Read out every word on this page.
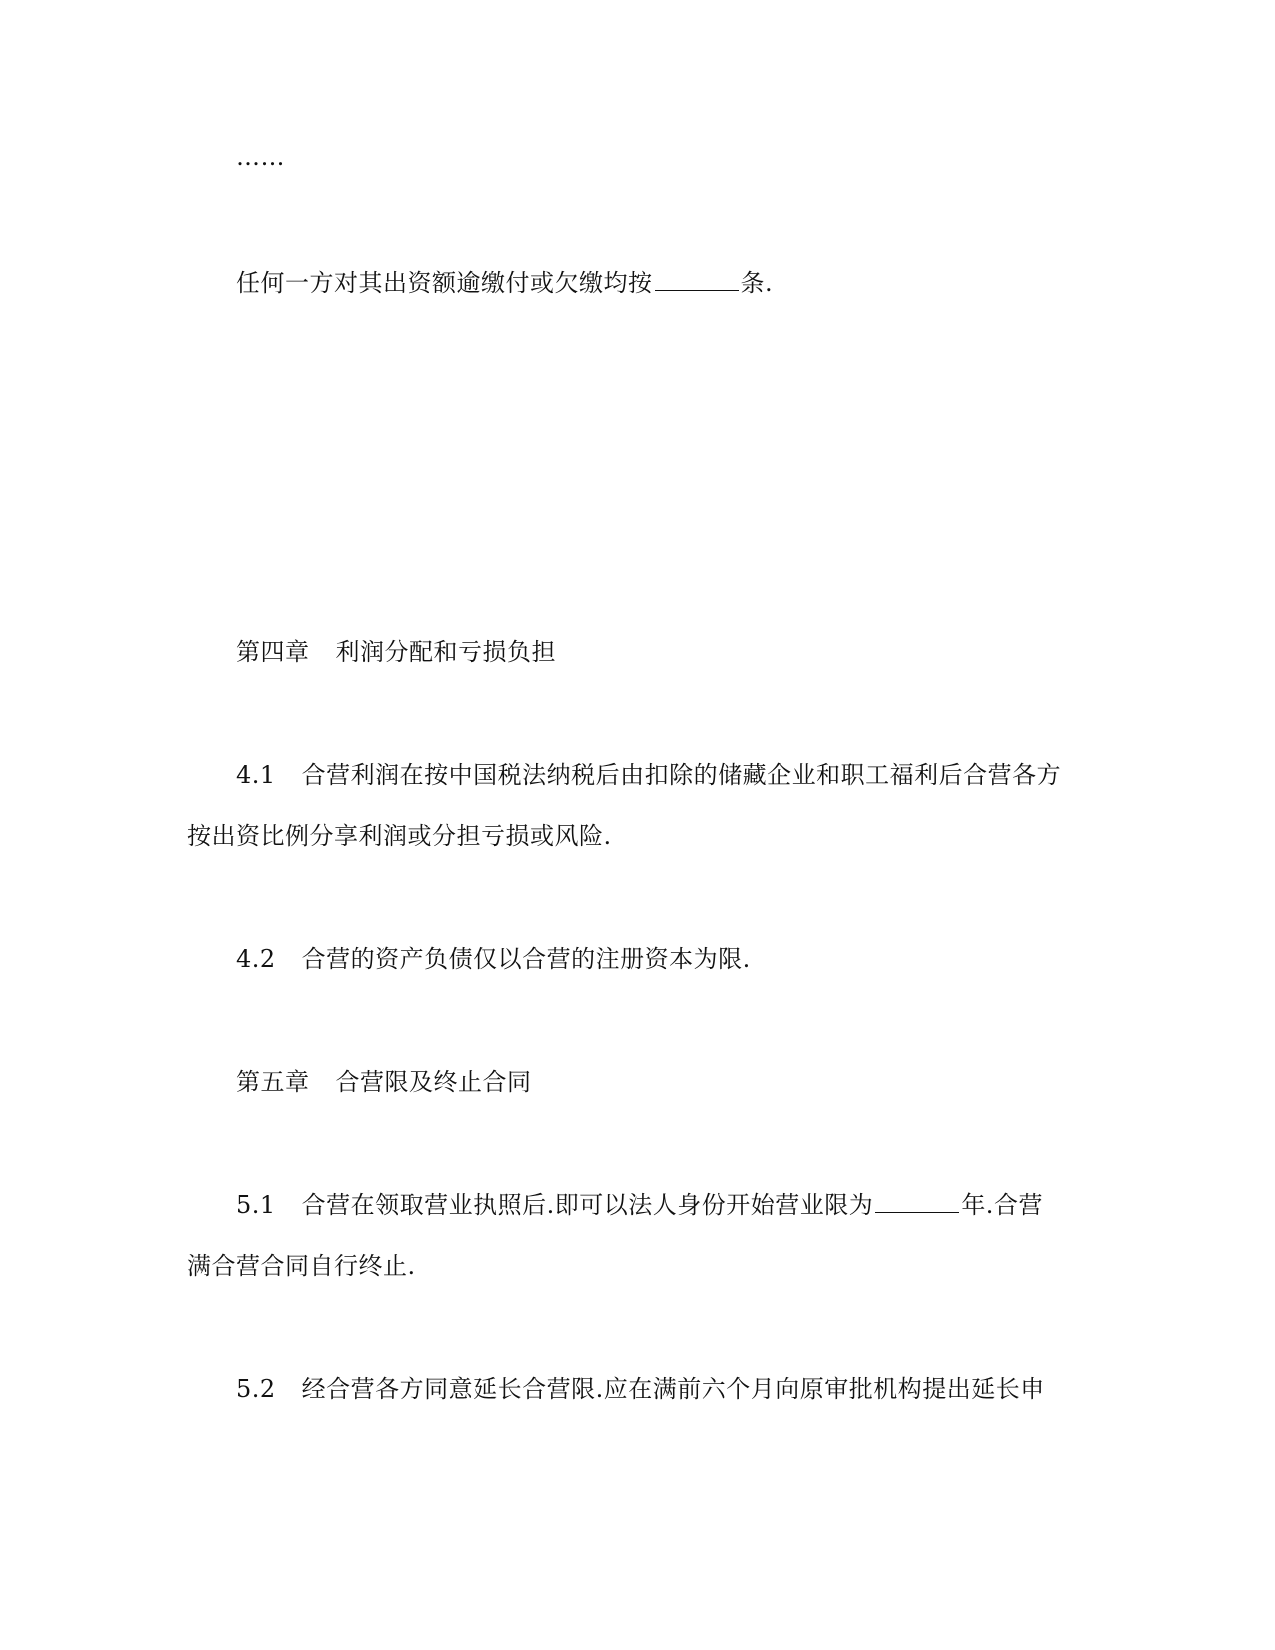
……
任何一方对其出资额逾缴付或欠缴均按	条.
第四章 利润分配和亏损负担
4.1 合营利润在按中国税法纳税后由扣除的储藏企业和职工福利后合营各方
按出资比例分享利润或分担亏损或风险.
4.2 合营的资产负债仅以合营的注册资本为限.
第五章 合营限及终止合同
5.1 合营在领取营业执照后.即可以法人身份开始营业限为	年.合营
满合营合同自行终止.
5.2 经合营各方同意延长合营限.应在满前六个月向原审批机构提出延长申
